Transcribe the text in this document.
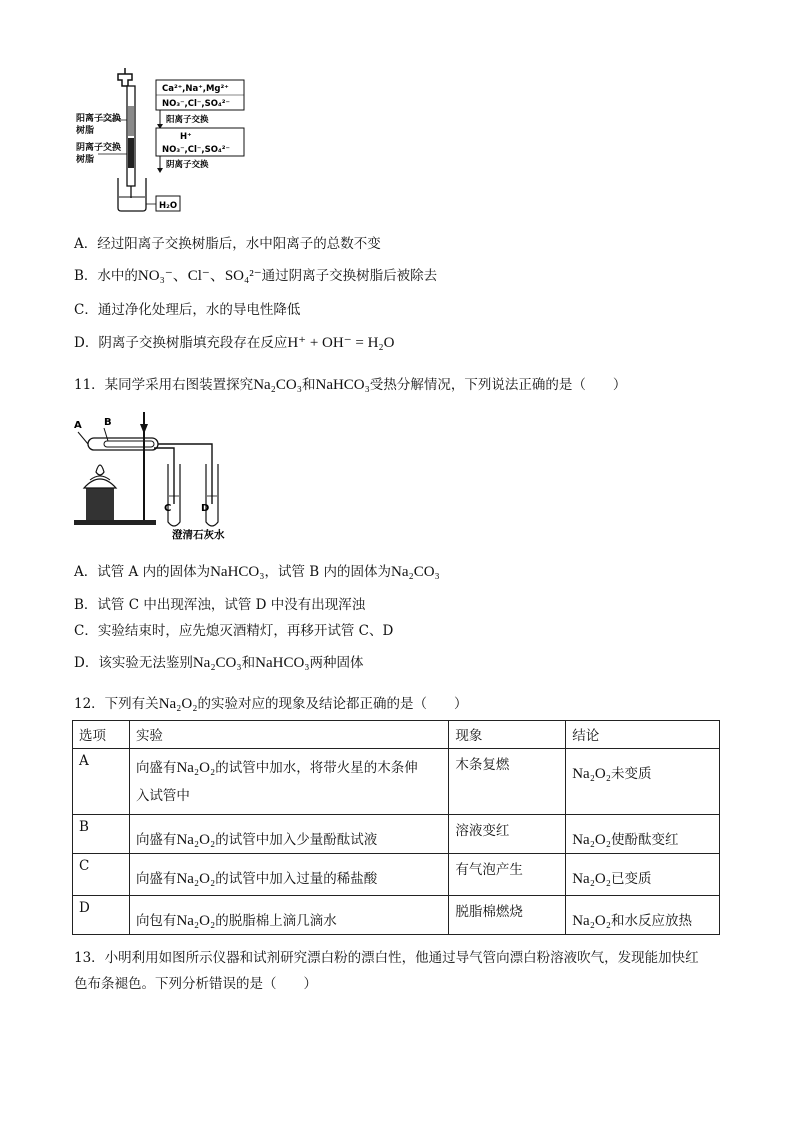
Ca²⁺,Na⁺,Mg²⁺
NO₃⁻,Cl⁻,SO₄²⁻
阳离子交换
H⁺
NO₃⁻,Cl⁻,SO₄²⁻
阴离子交换
H₂O
阳离子交换树脂
阴离子交换树脂
A．经过阳离子交换树脂后，水中阳离子的总数不变
B．水中的NO₃⁻、Cl⁻、SO₄²⁻通过阴离子交换树脂后被除去
C．通过净化处理后，水的导电性降低
D．阴离子交换树脂填充段存在反应H⁺ + OH⁻ = H₂O
11．某同学采用右图装置探究Na₂CO₃和NaHCO₃受热分解情况，下列说法正确的是（　　）
A B
C	D
澄清石灰水
A．试管 A 内的固体为NaHCO₃，试管 B 内的固体为Na₂CO₃
B．试管 C 中出现浑浊，试管 D 中没有出现浑浊
C．实验结束时，应先熄灭酒精灯，再移开试管 C、D
D．该实验无法鉴别Na₂CO₃和NaHCO₃两种固体
12．下列有关Na₂O₂的实验对应的现象及结论都正确的是（　　）
选项	实验	现象	结论
A	向盛有Na₂O₂的试管中加水，将带火星的木条伸
入试管中	木条复燃	Na₂O₂未变质
B	向盛有Na₂O₂的试管中加入少量酚酞试液	溶液变红	Na₂O₂使酚酞变红
C	向盛有Na₂O₂的试管中加入过量的稀盐酸	有气泡产生	Na₂O₂已变质
D	向包有Na₂O₂的脱脂棉上滴几滴水	脱脂棉燃烧	Na₂O₂和水反应放热
13．小明利用如图所示仪器和试剂研究漂白粉的漂白性，他通过导气管向漂白粉溶液吹气，发现能加快红
色布条褪色。下列分析错误的是（　　）
